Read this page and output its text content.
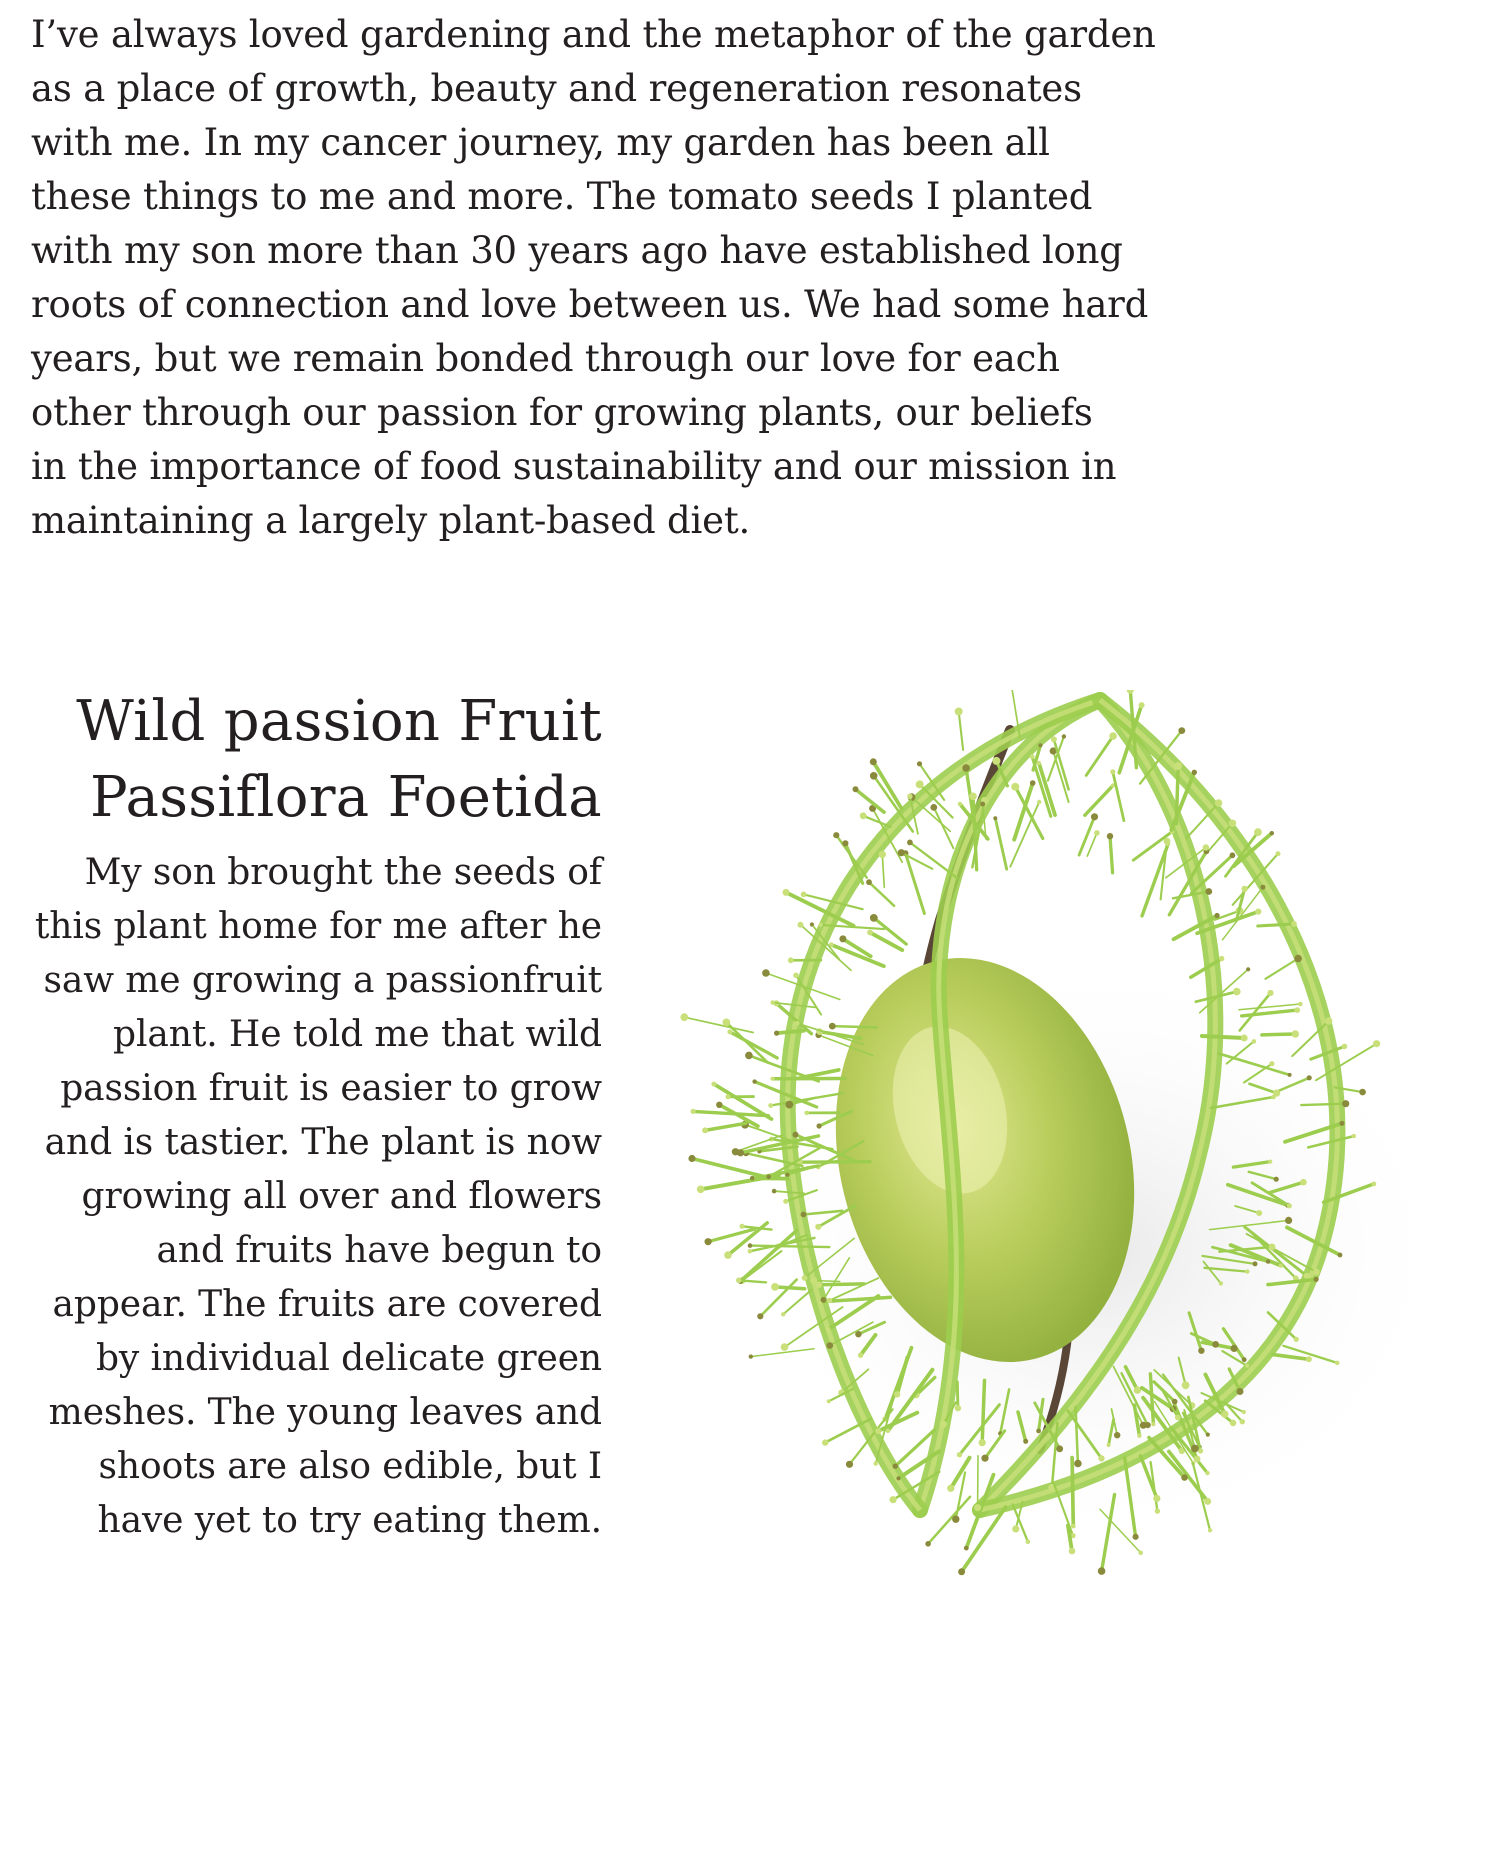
I’ve always loved gardening and the metaphor of the garden
as a place of growth, beauty and regeneration resonates
with me. In my cancer journey, my garden has been all
these things to me and more. The tomato seeds I planted
with my son more than 30 years ago have established long
roots of connection and love between us. We had some hard
years, but we remain bonded through our love for each
other through our passion for growing plants, our beliefs
in the importance of food sustainability and our mission in
maintaining a largely plant-based diet.
Wild passion Fruit
Passiflora Foetida
My son brought the seeds of
this plant home for me after he
saw me growing a passionfruit
plant. He told me that wild
passion fruit is easier to grow
and is tastier. The plant is now
growing all over and flowers
and fruits have begun to
appear. The fruits are covered
by individual delicate green
meshes. The young leaves and
shoots are also edible, but I
have yet to try eating them.
